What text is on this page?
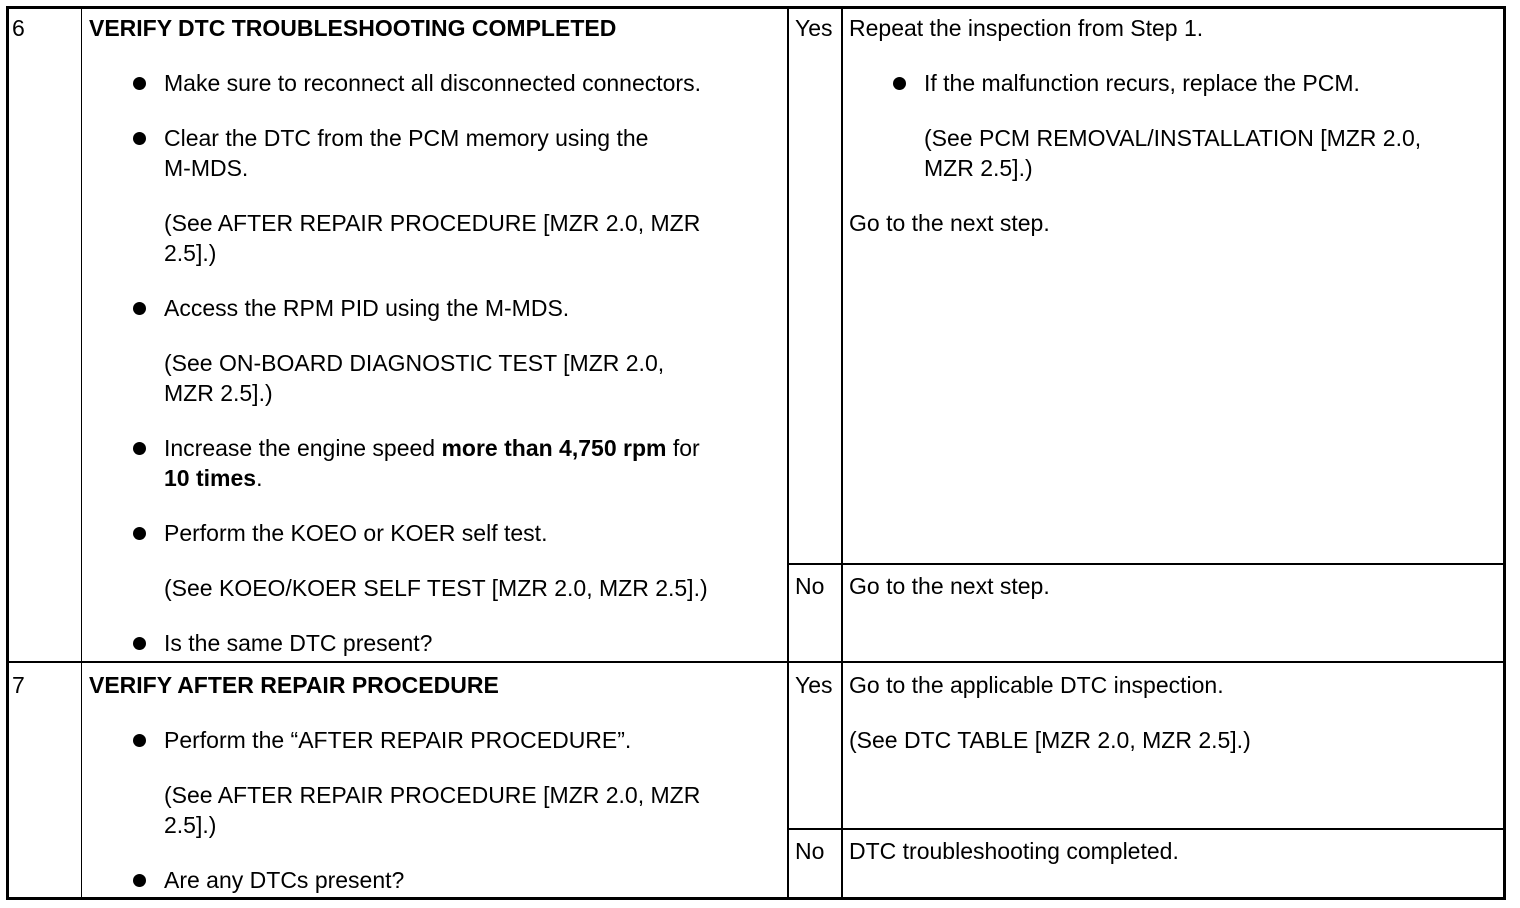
6	VERIFY DTC TROUBLESHOOTING COMPLETED
Make sure to reconnect all disconnected connectors.
Clear the DTC from the PCM memory using the
M-MDS.
(See AFTER REPAIR PROCEDURE [MZR 2.0, MZR
2.5].)
Access the RPM PID using the M-MDS.
(See ON-BOARD DIAGNOSTIC TEST [MZR 2.0,
MZR 2.5].)
Increase the engine speed more than 4,750 rpm for
10 times.
Perform the KOEO or KOER self test.
(See KOEO/KOER SELF TEST [MZR 2.0, MZR 2.5].)
Is the same DTC present?
Yes Repeat the inspection from Step 1.
If the malfunction recurs, replace the PCM.
(See PCM REMOVAL/INSTALLATION [MZR 2.0,
MZR 2.5].)
Go to the next step.
No Go to the next step.
7	VERIFY AFTER REPAIR PROCEDURE
Perform the “AFTER REPAIR PROCEDURE”.
(See AFTER REPAIR PROCEDURE [MZR 2.0, MZR
2.5].)
Are any DTCs present?
Yes Go to the applicable DTC inspection.
(See DTC TABLE [MZR 2.0, MZR 2.5].)
No DTC troubleshooting completed.
